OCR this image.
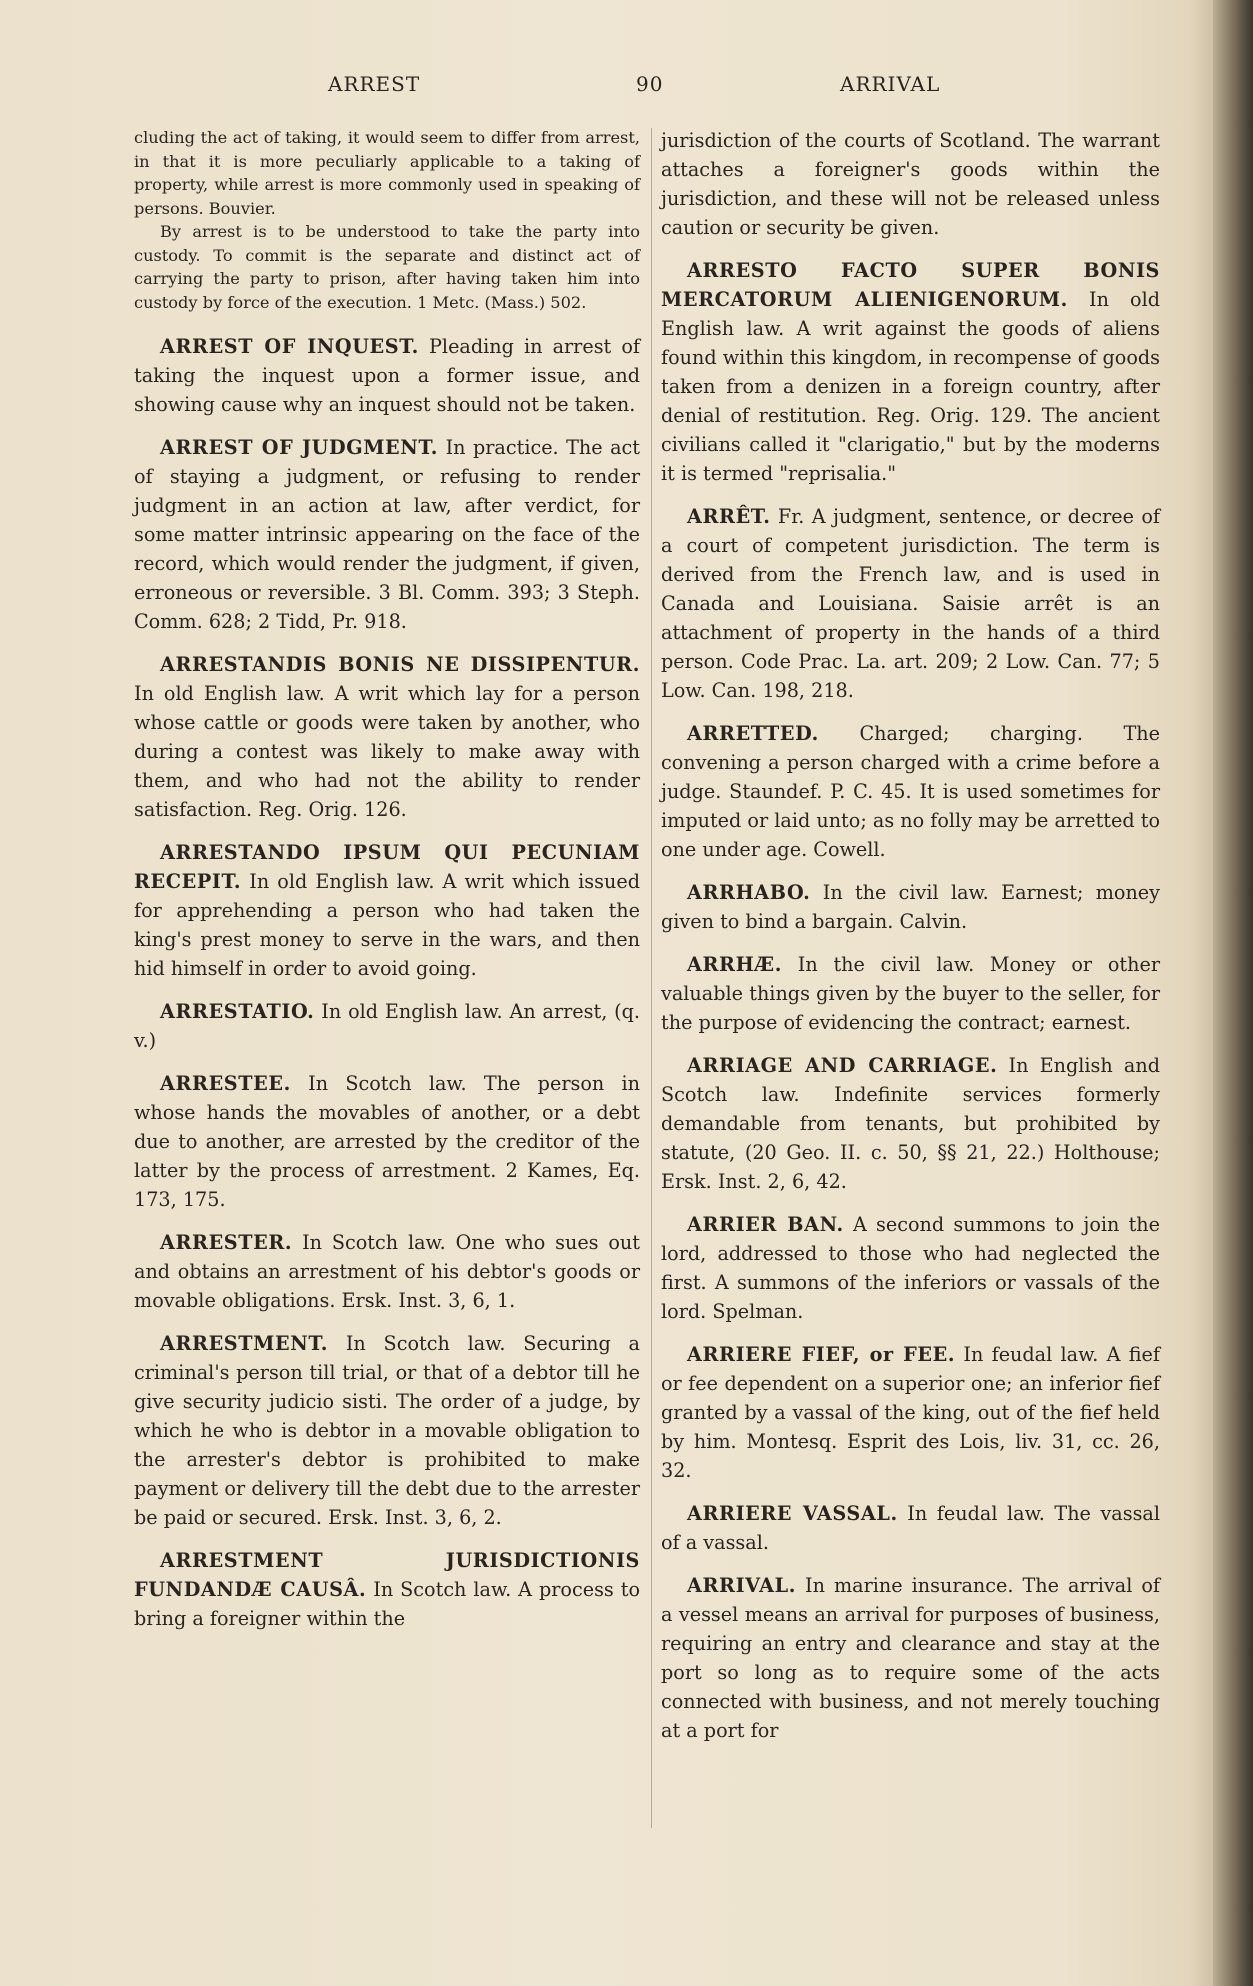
ARREST	90	ARRIVAL

cluding the act of taking, it would seem to differ from arrest, in that it is more peculiarly applicable to a taking of property, while arrest is more commonly used in speaking of persons. Bouvier.

By arrest is to be understood to take the party into custody. To commit is the separate and distinct act of carrying the party to prison, after having taken him into custody by force of the execution. 1 Metc. (Mass.) 502.

ARREST OF INQUEST. Pleading in arrest of taking the inquest upon a former issue, and showing cause why an inquest should not be taken.

ARREST OF JUDGMENT. In practice. The act of staying a judgment, or refusing to render judgment in an action at law, after verdict, for some matter intrinsic appearing on the face of the record, which would render the judgment, if given, erroneous or reversible. 3 Bl. Comm. 393; 3 Steph. Comm. 628; 2 Tidd, Pr. 918.

ARRESTANDIS BONIS NE DISSIPENTUR. In old English law. A writ which lay for a person whose cattle or goods were taken by another, who during a contest was likely to make away with them, and who had not the ability to render satisfaction. Reg. Orig. 126.

ARRESTANDO IPSUM QUI PECUNIAM RECEPIT. In old English law. A writ which issued for apprehending a person who had taken the king's prest money to serve in the wars, and then hid himself in order to avoid going.

ARRESTATIO. In old English law. An arrest, (q. v.)

ARRESTEE. In Scotch law. The person in whose hands the movables of another, or a debt due to another, are arrested by the creditor of the latter by the process of arrestment. 2 Kames, Eq. 173, 175.

ARRESTER. In Scotch law. One who sues out and obtains an arrestment of his debtor's goods or movable obligations. Ersk. Inst. 3, 6, 1.

ARRESTMENT. In Scotch law. Securing a criminal's person till trial, or that of a debtor till he give security judicio sisti. The order of a judge, by which he who is debtor in a movable obligation to the arrester's debtor is prohibited to make payment or delivery till the debt due to the arrester be paid or secured. Ersk. Inst. 3, 6, 2.

ARRESTMENT JURISDICTIONIS FUNDANDÆ CAUSÂ. In Scotch law. A process to bring a foreigner within the

jurisdiction of the courts of Scotland. The warrant attaches a foreigner's goods within the jurisdiction, and these will not be released unless caution or security be given.

ARRESTO FACTO SUPER BONIS MERCATORUM ALIENIGENORUM. In old English law. A writ against the goods of aliens found within this kingdom, in recompense of goods taken from a denizen in a foreign country, after denial of restitution. Reg. Orig. 129. The ancient civilians called it "clarigatio," but by the moderns it is termed "reprisalia."

ARRÊT. Fr. A judgment, sentence, or decree of a court of competent jurisdiction. The term is derived from the French law, and is used in Canada and Louisiana. Saisie arrêt is an attachment of property in the hands of a third person. Code Prac. La. art. 209; 2 Low. Can. 77; 5 Low. Can. 198, 218.

ARRETTED. Charged; charging. The convening a person charged with a crime before a judge. Staundef. P. C. 45. It is used sometimes for imputed or laid unto; as no folly may be arretted to one under age. Cowell.

ARRHABO. In the civil law. Earnest; money given to bind a bargain. Calvin.

ARRHÆ. In the civil law. Money or other valuable things given by the buyer to the seller, for the purpose of evidencing the contract; earnest.

ARRIAGE AND CARRIAGE. In English and Scotch law. Indefinite services formerly demandable from tenants, but prohibited by statute, (20 Geo. II. c. 50, §§ 21, 22.) Holthouse; Ersk. Inst. 2, 6, 42.

ARRIER BAN. A second summons to join the lord, addressed to those who had neglected the first. A summons of the inferiors or vassals of the lord. Spelman.

ARRIERE FIEF, or FEE. In feudal law. A fief or fee dependent on a superior one; an inferior fief granted by a vassal of the king, out of the fief held by him. Montesq. Esprit des Lois, liv. 31, cc. 26, 32.

ARRIERE VASSAL. In feudal law. The vassal of a vassal.

ARRIVAL. In marine insurance. The arrival of a vessel means an arrival for purposes of business, requiring an entry and clearance and stay at the port so long as to require some of the acts connected with business, and not merely touching at a port for
